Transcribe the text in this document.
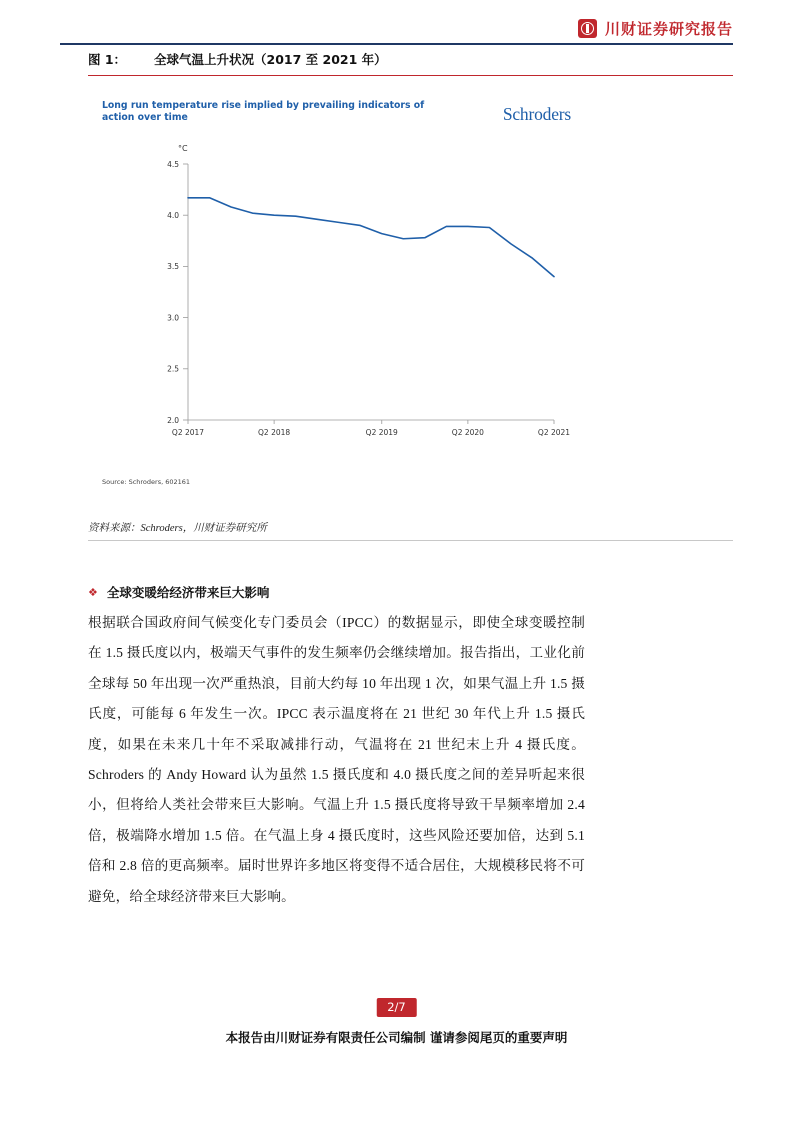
川财证券研究报告
图 1：	全球气温上升状况（2017 至 2021 年）
Long run temperature rise implied by prevailing indicators of action over time	Schroders
°C
2.0
2.5
3.0
3.5
4.0
4.5
Q2 2017	Q2 2018	Q2 2019	Q2 2020	Q2 2021
Source: Schroders, 602161
资料来源：Schroders，川财证券研究所
❖ 全球变暖给经济带来巨大影响
根据联合国政府间气候变化专门委员会（IPCC）的数据显示，即使全球变暖控制在 1.5 摄氏度以内，极端天气事件的发生频率仍会继续增加。报告指出，工业化前全球每 50 年出现一次严重热浪，目前大约每 10 年出现 1 次，如果气温上升 1.5 摄氏度，可能每 6 年发生一次。IPCC 表示温度将在 21 世纪 30 年代上升 1.5 摄氏度，如果在未来几十年不采取减排行动，气温将在 21 世纪末上升 4 摄氏度。Schroders 的 Andy Howard 认为虽然 1.5 摄氏度和 4.0 摄氏度之间的差异听起来很小，但将给人类社会带来巨大影响。气温上升 1.5 摄氏度将导致干旱频率增加 2.4 倍，极端降水增加 1.5 倍。在气温上身 4 摄氏度时，这些风险还要加倍，达到 5.1 倍和 2.8 倍的更高频率。届时世界许多地区将变得不适合居住，大规模移民将不可避免，给全球经济带来巨大影响。
2/7
本报告由川财证券有限责任公司编制 谨请参阅尾页的重要声明
